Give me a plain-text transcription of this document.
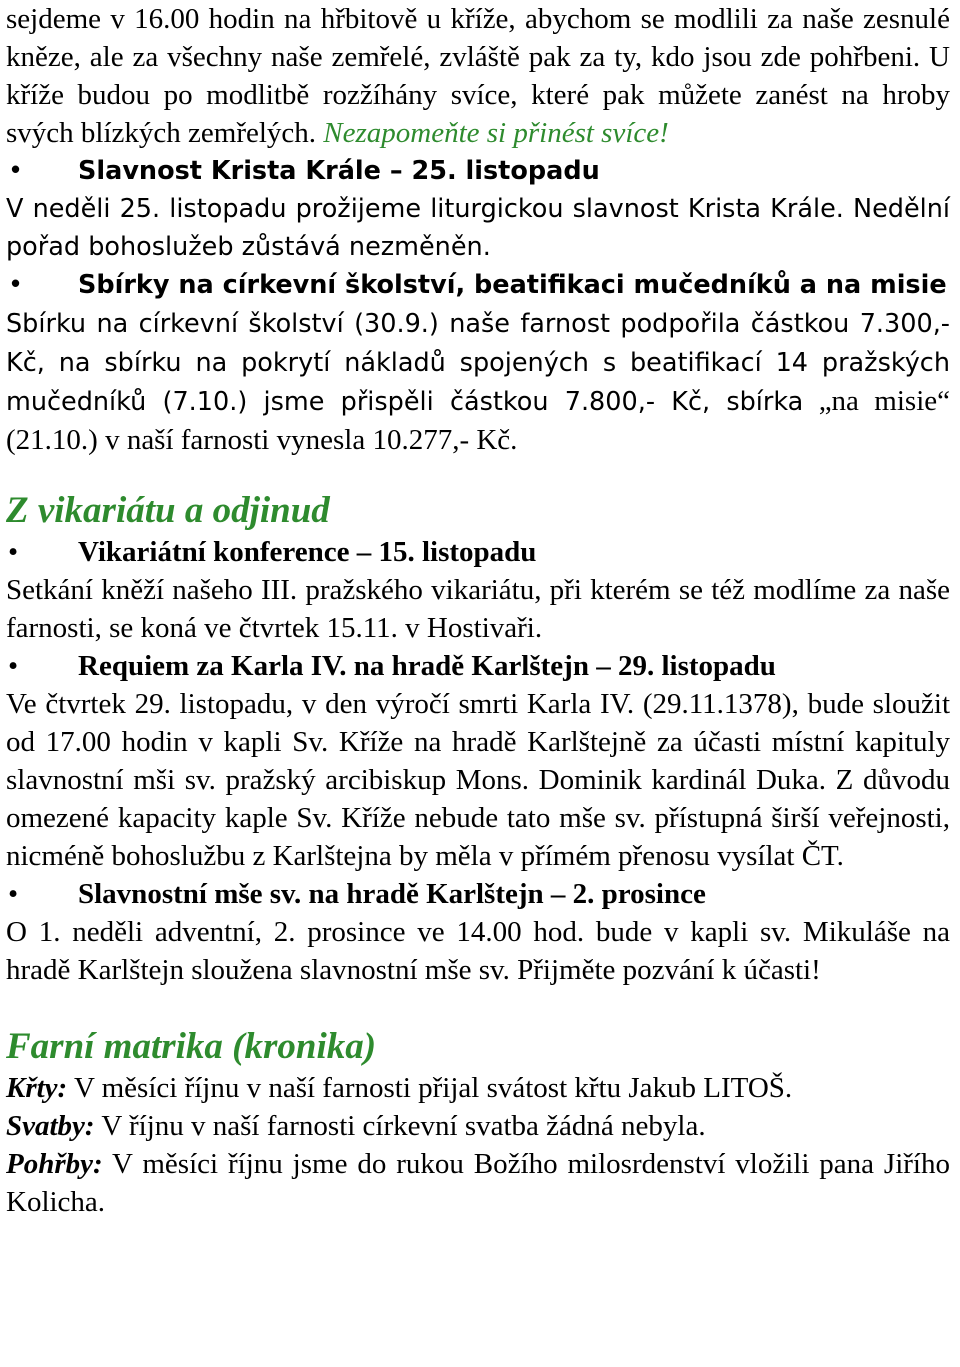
sejdeme v 16.00 hodin na hřbitově u kříže, abychom se modlili za naše zesnulé kněze, ale za všechny naše zemřelé, zvláště pak za ty, kdo jsou zde pohřbeni. U kříže budou po modlitbě rozžíhány svíce, které pak můžete zanést na hroby svých blízkých zemřelých. Nezapomeňte si přinést svíce!

• Slavnost Krista Krále – 25. listopadu

V neděli 25. listopadu prožijeme liturgickou slavnost Krista Krále. Nedělní pořad bohoslužeb zůstává nezměněn.

• Sbírky na církevní školství, beatifikaci mučedníků a na misie

Sbírku na církevní školství (30.9.) naše farnost podpořila částkou 7.300,- Kč, na sbírku na pokrytí nákladů spojených s beatifikací 14 pražských mučedníků (7.10.) jsme přispěli částkou 7.800,- Kč, sbírka „na misie“ (21.10.) v naší farnosti vynesla 10.277,- Kč.

Z vikariátu a odjinud

• Vikariátní konference – 15. listopadu

Setkání kněží našeho III. pražského vikariátu, při kterém se též modlíme za naše farnosti, se koná ve čtvrtek 15.11. v Hostivaři.

• Requiem za Karla IV. na hradě Karlštejn – 29. listopadu

Ve čtvrtek 29. listopadu, v den výročí smrti Karla IV. (29.11.1378), bude sloužit od 17.00 hodin v kapli Sv. Kříže na hradě Karlštejně za účasti místní kapituly slavnostní mši sv. pražský arcibiskup Mons. Dominik kardinál Duka. Z důvodu omezené kapacity kaple Sv. Kříže nebude tato mše sv. přístupná širší veřejnosti, nicméně bohoslužbu z Karlštejna by měla v přímém přenosu vysílat ČT.

• Slavnostní mše sv. na hradě Karlštejn – 2. prosince

O 1. neděli adventní, 2. prosince ve 14.00 hod. bude v kapli sv. Mikuláše na hradě Karlštejn sloužena slavnostní mše sv. Přijměte pozvání k účasti!

Farní matrika (kronika)

Křty: V měsíci říjnu v naší farnosti přijal svátost křtu Jakub LITOŠ.

Svatby: V říjnu v naší farnosti církevní svatba žádná nebyla.

Pohřby: V měsíci říjnu jsme do rukou Božího milosrdenství vložili pana Jiřího Kolicha.
